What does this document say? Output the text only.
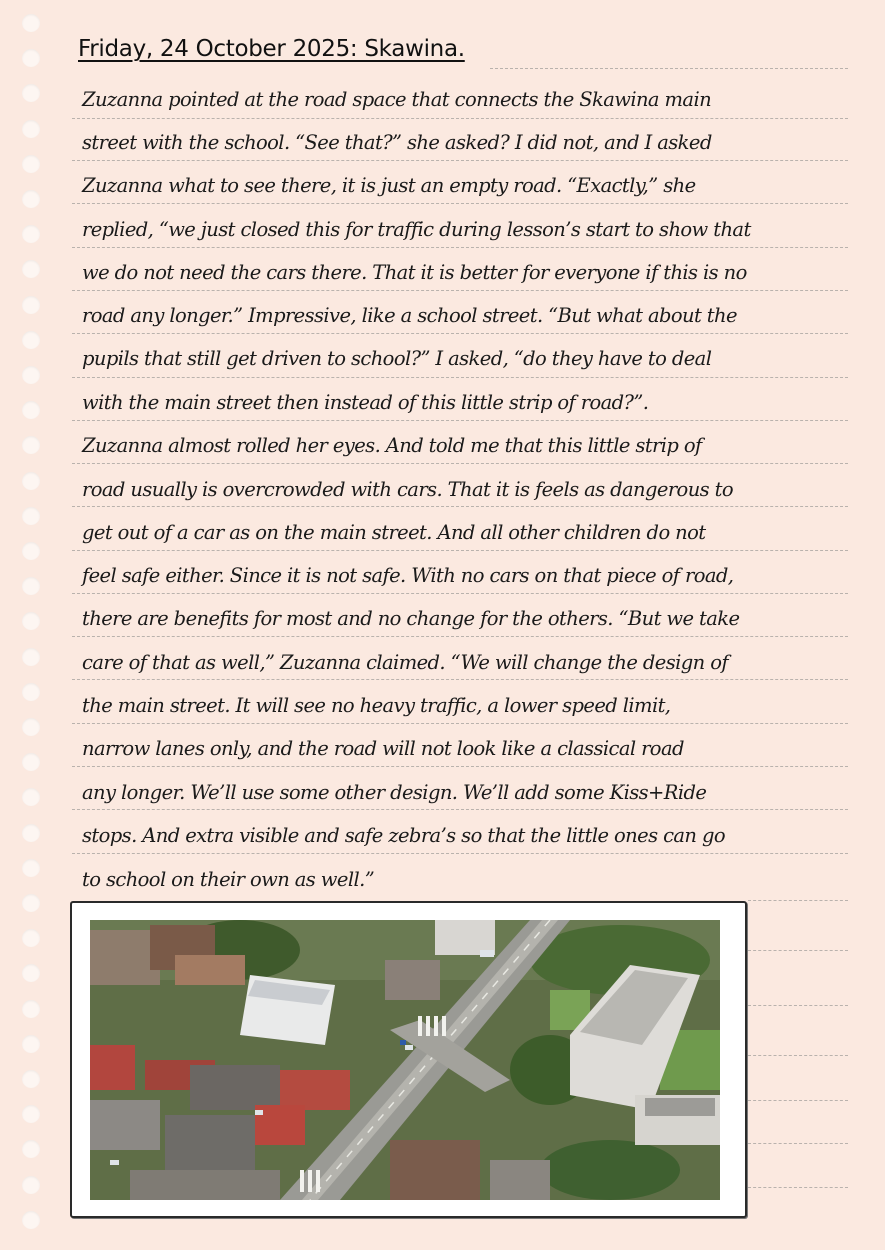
Friday, 24 October 2025: Skawina.

Zuzanna pointed at the road space that connects the Skawina main

street with the school. “See that?” she asked? I did not, and I asked

Zuzanna what to see there, it is just an empty road. “Exactly,” she

replied, “we just closed this for traffic during lesson’s start to show that

we do not need the cars there. That it is better for everyone if this is no

road any longer.” Impressive, like a school street. “But what about the

pupils that still get driven to school?” I asked, “do they have to deal

with the main street then instead of this little strip of road?”.

Zuzanna almost rolled her eyes. And told me that this little strip of

road usually is overcrowded with cars. That it is feels as dangerous to

get out of a car as on the main street. And all other children do not

feel safe either. Since it is not safe. With no cars on that piece of road,

there are benefits for most and no change for the others. “But we take

care of that as well,” Zuzanna claimed. “We will change the design of

the main street. It will see no heavy traffic, a lower speed limit,

narrow lanes only, and the road will not look like a classical road

any longer. We’ll use some other design. We’ll add some Kiss+Ride

stops. And extra visible and safe zebra’s so that the little ones can go

to school on their own as well.”
